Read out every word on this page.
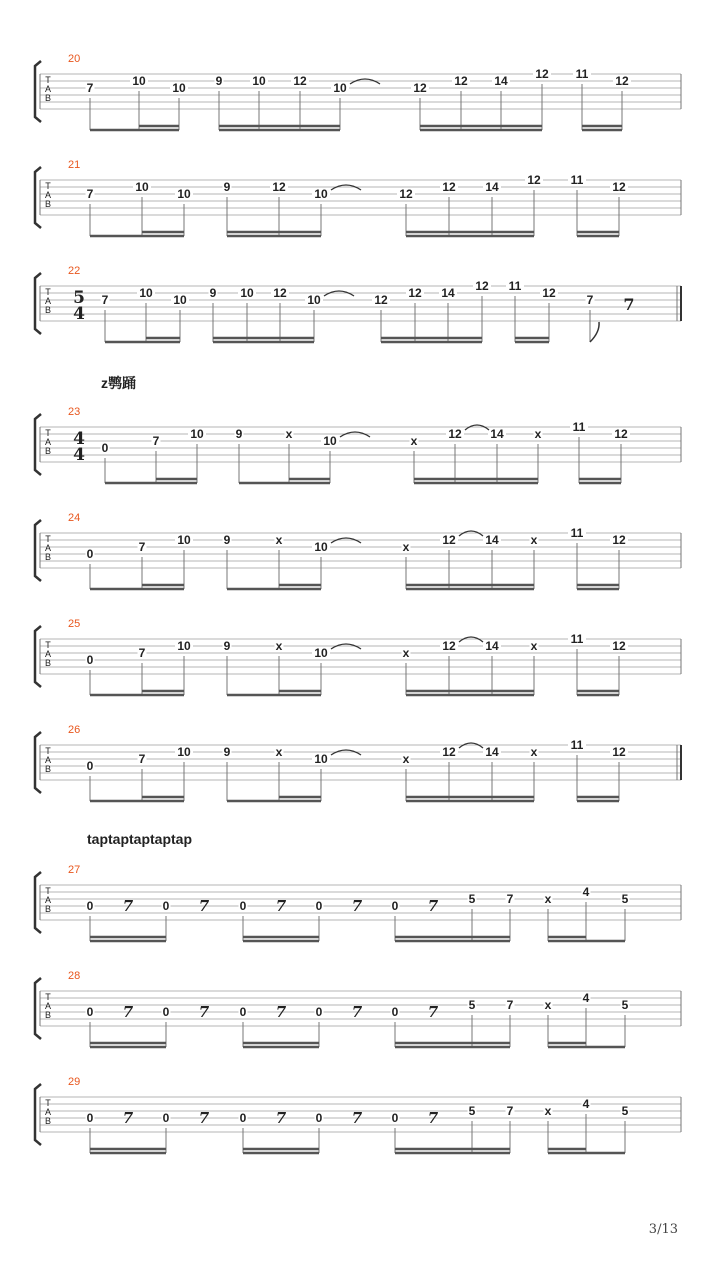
T
A
B
20
7	10 10 9 10 12 10	12 12 14 12 11 12
T
A
B
21
7	10 10	9	12 10	12 12 14 12 11 12
T
A
B
22
5
4
7	10 10 9 10 12 10	12 12 14 12 11 12	7 7
T
A
B
23
4
4 0	7	10	9	x	10	x	12 14	x	11 12
T
A
B
24
0	7	10	9	x	10	x	12 14	x	11 12
T
A
B
25
0	7	10	9	x	10	x	12 14	x	11 12
T
A
B
26
0	7	10	9	x	10	x	12 14	x	11 12
T
A
B
27
0	0	0	0	0	5	7	x	4	5
7	7	7	7	7
T
A
B
28
0	0	0	0	0	5	7	x	4	5
7	7	7	7	7
T
A
B
29
0	0	0	0	0	5	7	x	4	5
7	7	7	7	7
z鹗踊
taptaptaptaptap
3/13
